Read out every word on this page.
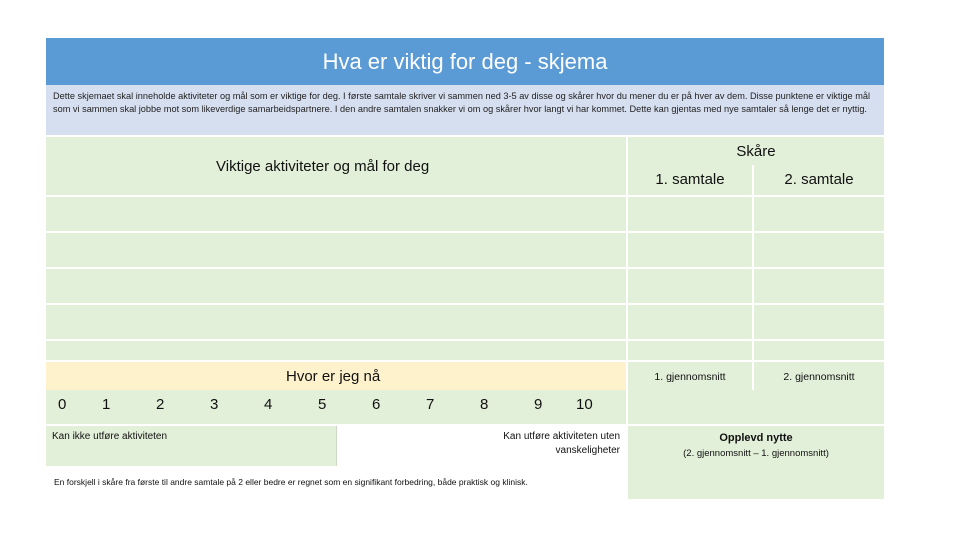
Hva er viktig for deg - skjema
Dette skjemaet skal inneholde aktiviteter og mål som er viktige for deg. I første samtale skriver vi sammen ned 3-5 av disse og skårer hvor du mener du er på hver av dem. Disse punktene er viktige mål som vi sammen skal jobbe mot som likeverdige samarbeidspartnere. I den andre samtalen snakker vi om og skårer hvor langt vi har kommet. Dette kan gjentas med nye samtaler så lenge det er nyttig.
Viktige aktiviteter og mål for deg
Skåre
1. samtale	2. samtale
Hvor er jeg nå	1. gjennomsnitt	2. gjennomsnitt
0 1	2	3	4	5	6	7	8	9 10
Kan ikke utføre aktiviteten	Kan utføre aktiviteten uten vanskeligheter
Opplevd nytte
(2. gjennomsnitt – 1. gjennomsnitt)
En forskjell i skåre fra første til andre samtale på 2 eller bedre er regnet som en signifikant forbedring, både praktisk og klinisk.
